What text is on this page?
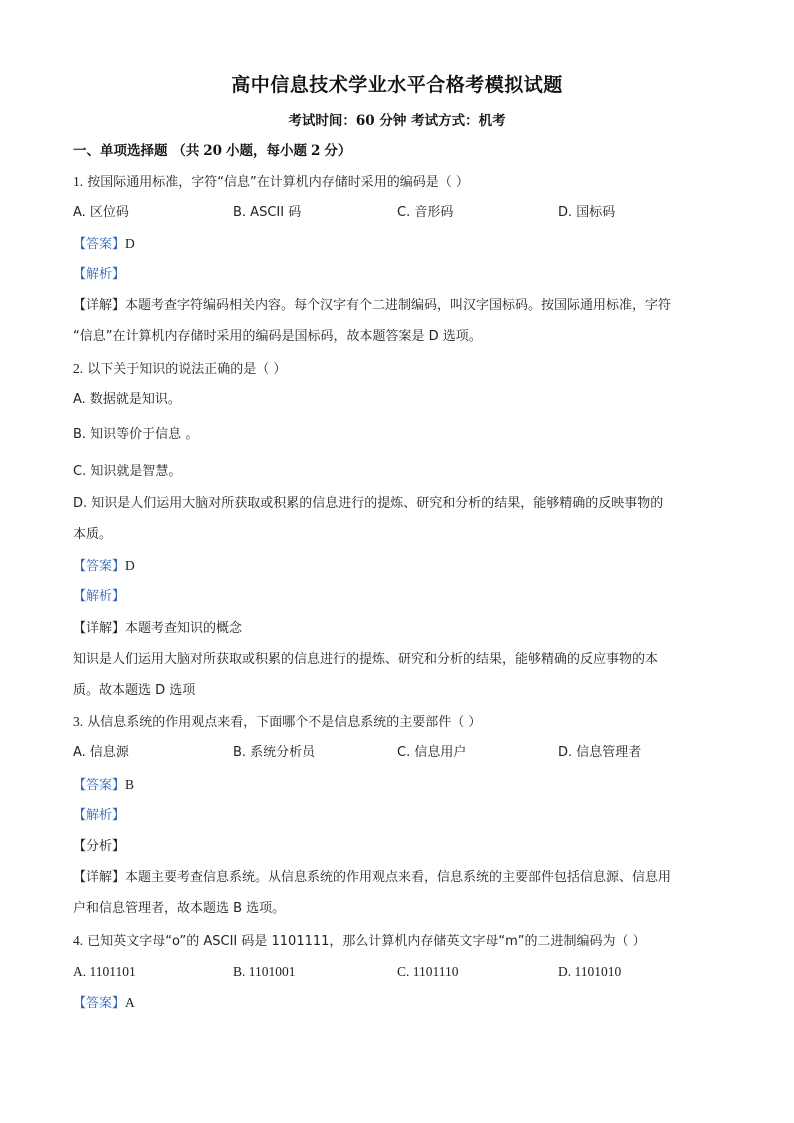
高中信息技术学业水平合格考模拟试题
考试时间：60 分钟 考试方式：机考
一、单项选择题 （共 20 小题，每小题 2 分）
1. 按国际通用标准，字符“信息”在计算机内存储时采用的编码是（ ）
A. 区位码	B. ASCII 码	C. 音形码	D. 国标码
【答案】D
【解析】
【详解】本题考查字符编码相关内容。每个汉字有个二进制编码，叫汉字国标码。按国际通用标准，字符
“信息”在计算机内存储时采用的编码是国标码，故本题答案是 D 选项。
2. 以下关于知识的说法正确的是（ ）
A. 数据就是知识。
B. 知识等价于信息 。
C. 知识就是智慧。
D. 知识是人们运用大脑对所获取或积累的信息进行的提炼、研究和分析的结果，能够精确的反映事物的
本质。
【答案】D
【解析】
【详解】本题考查知识的概念
知识是人们运用大脑对所获取或积累的信息进行的提炼、研究和分析的结果，能够精确的反应事物的本
质。故本题选 D 选项
3. 从信息系统的作用观点来看，下面哪个不是信息系统的主要部件（ ）
A. 信息源	B. 系统分析员	C. 信息用户	D. 信息管理者
【答案】B
【解析】
【分析】
【详解】本题主要考查信息系统。从信息系统的作用观点来看，信息系统的主要部件包括信息源、信息用
户和信息管理者，故本题选 B 选项。
4. 已知英文字母“o”的 ASCII 码是 1101111，那么计算机内存储英文字母“m”的二进制编码为（ ）
A. 1101101	B. 1101001	C. 1101110	D. 1101010
【答案】A
